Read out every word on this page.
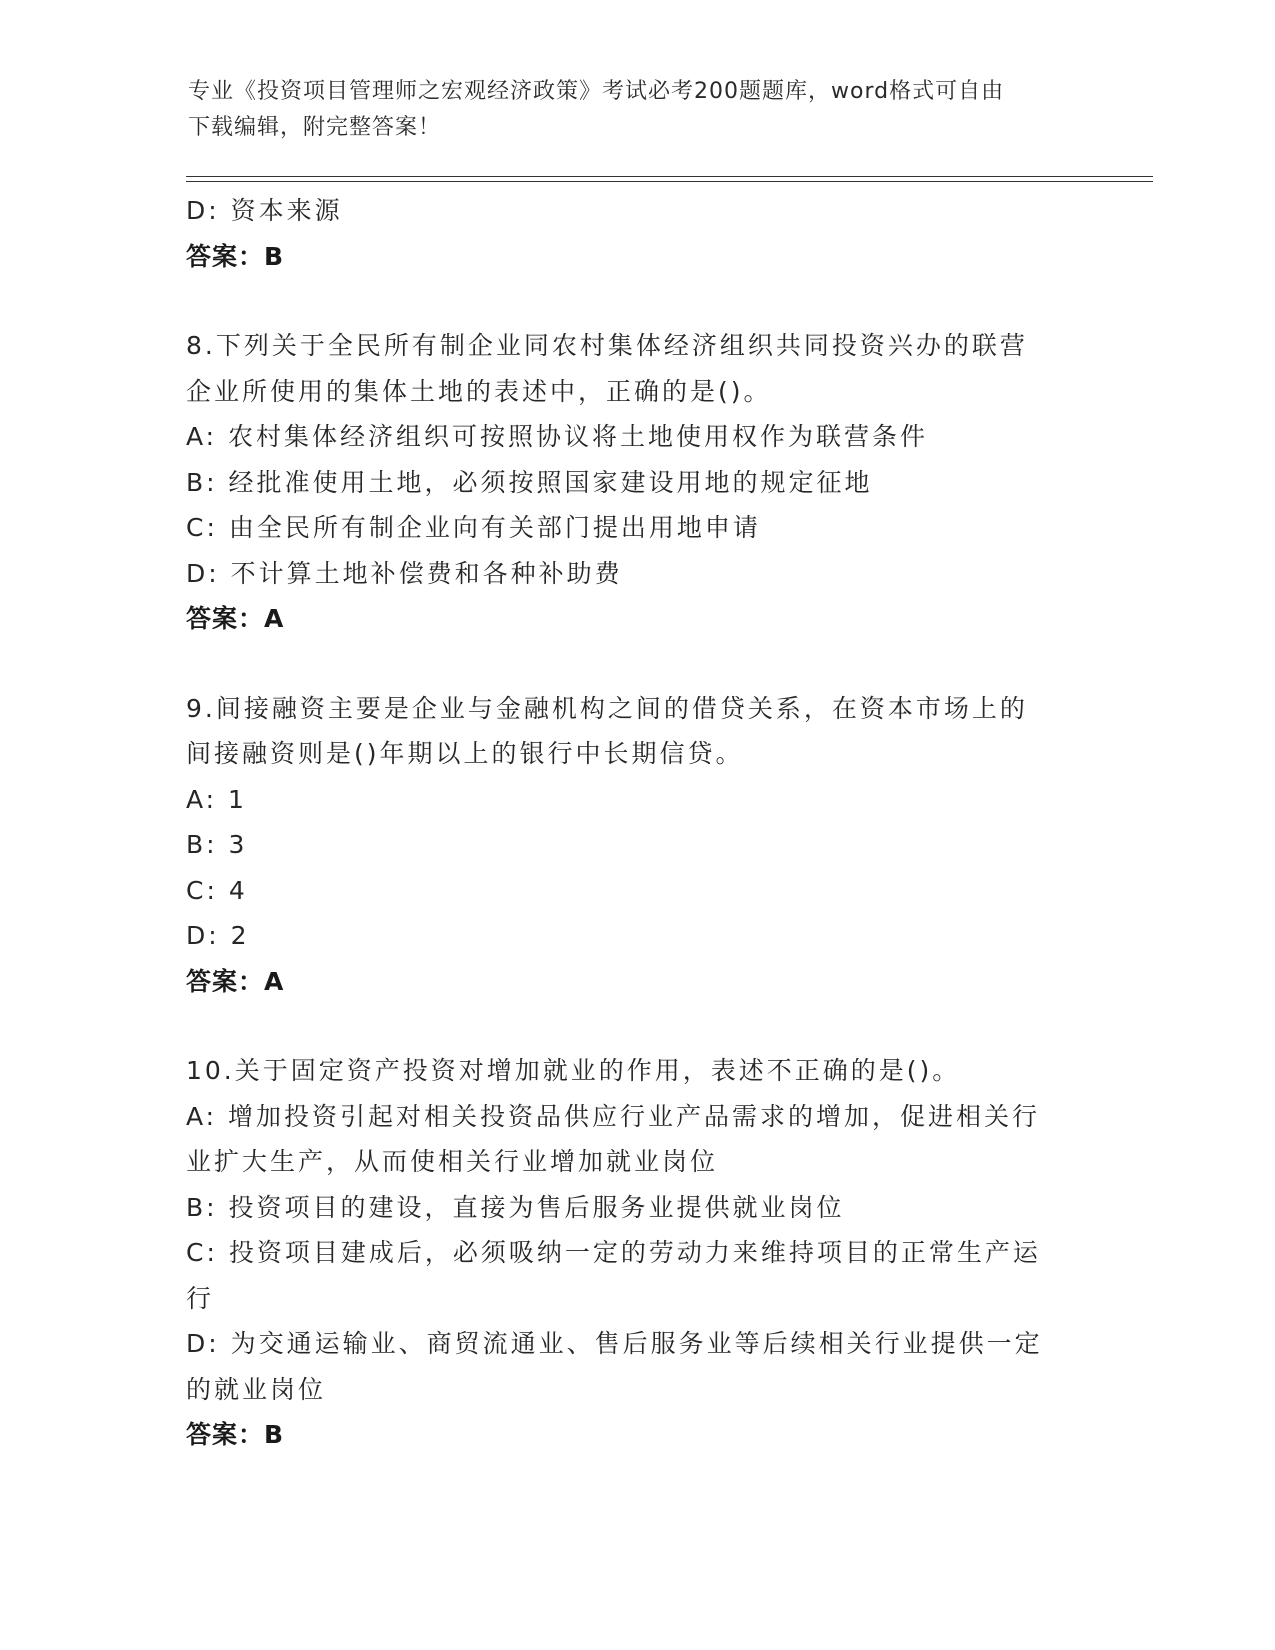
专业《投资项目管理师之宏观经济政策》考试必考200题题库，word格式可自由
下载编辑，附完整答案！
D: 资本来源
答案：B
8.下列关于全民所有制企业同农村集体经济组织共同投资兴办的联营
企业所使用的集体土地的表述中，正确的是()。
A: 农村集体经济组织可按照协议将土地使用权作为联营条件
B: 经批准使用土地，必须按照国家建设用地的规定征地
C: 由全民所有制企业向有关部门提出用地申请
D: 不计算土地补偿费和各种补助费
答案：A
9.间接融资主要是企业与金融机构之间的借贷关系，在资本市场上的
间接融资则是()年期以上的银行中长期信贷。
A: 1
B: 3
C: 4
D: 2
答案：A
10.关于固定资产投资对增加就业的作用，表述不正确的是()。
A: 增加投资引起对相关投资品供应行业产品需求的增加，促进相关行
业扩大生产，从而使相关行业增加就业岗位
B: 投资项目的建设，直接为售后服务业提供就业岗位
C: 投资项目建成后，必须吸纳一定的劳动力来维持项目的正常生产运
行
D: 为交通运输业、商贸流通业、售后服务业等后续相关行业提供一定
的就业岗位
答案：B
